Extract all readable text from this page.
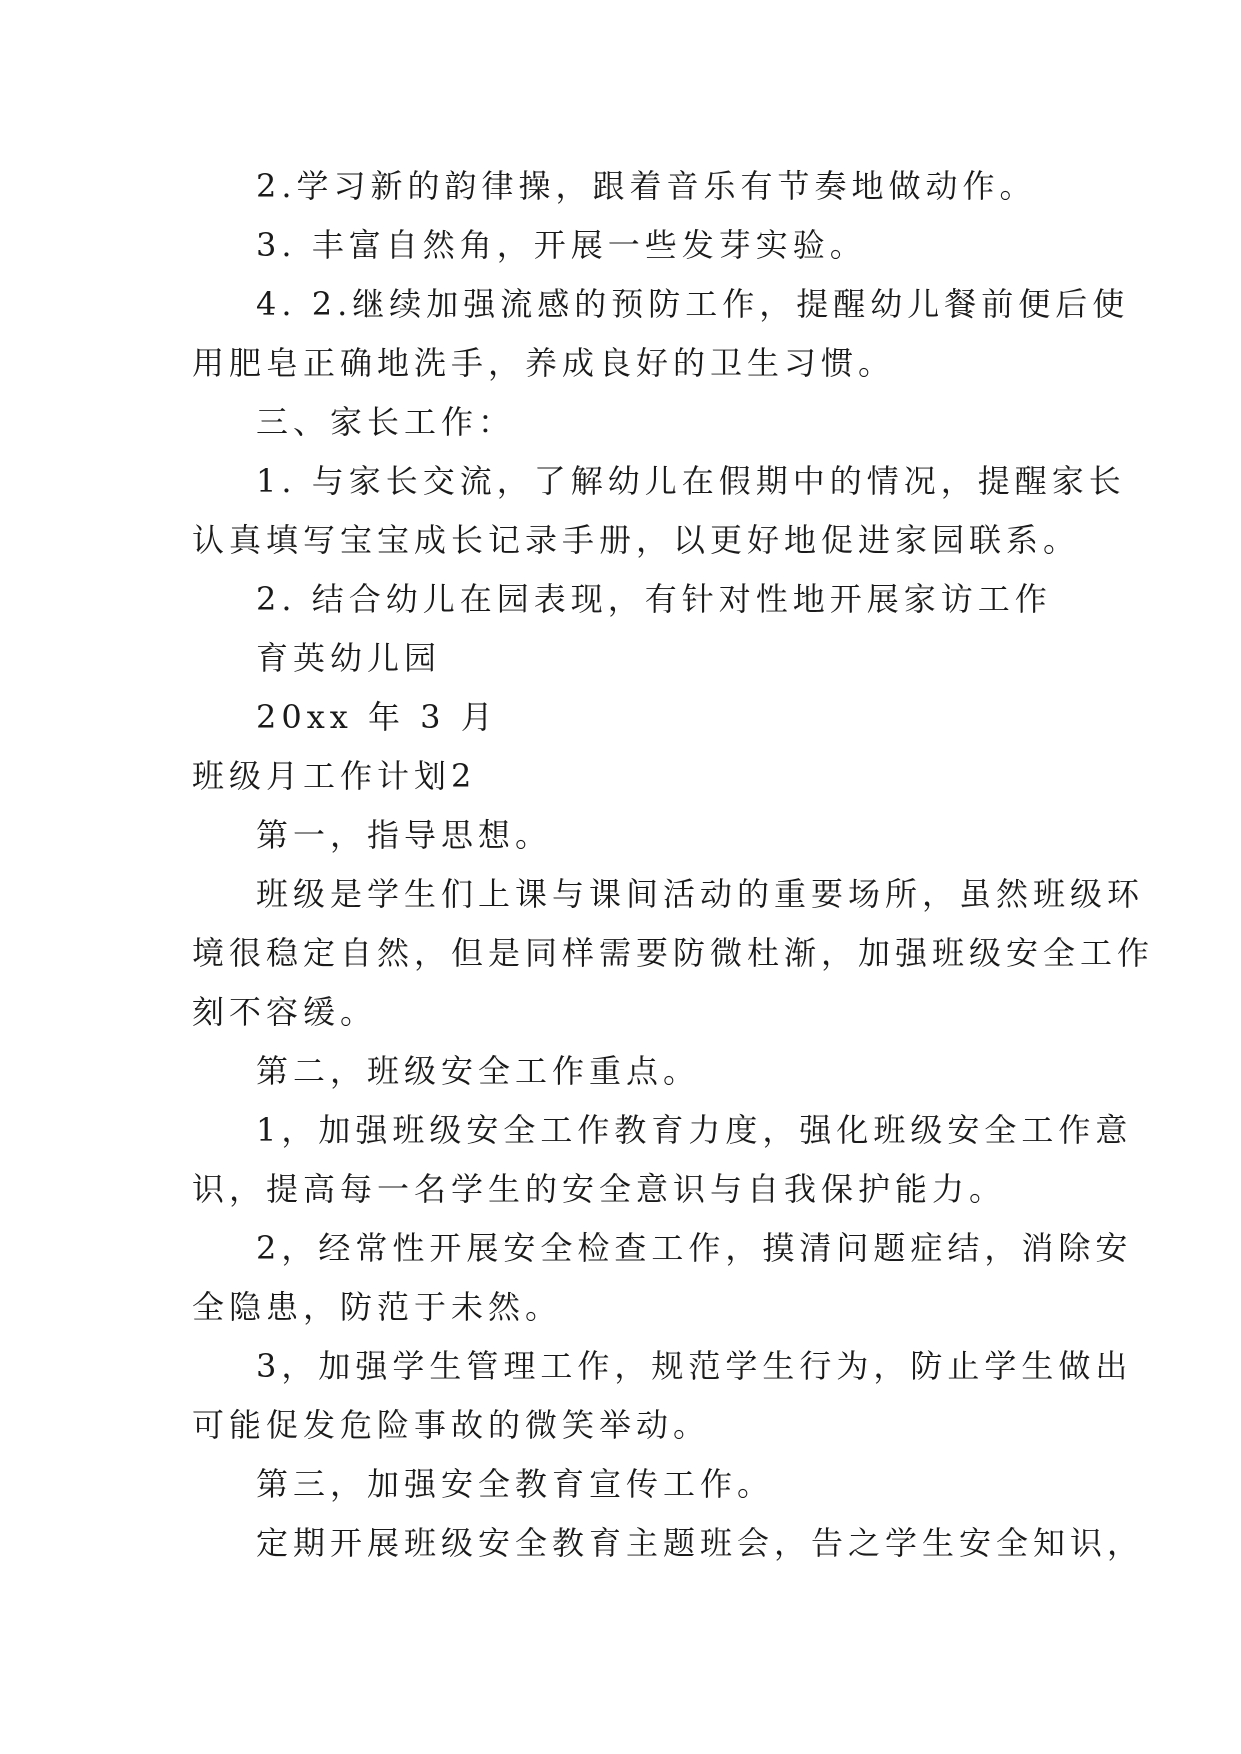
2.学习新的韵律操，跟着音乐有节奏地做动作。
3. 丰富自然角，开展一些发芽实验。
4. 2.继续加强流感的预防工作，提醒幼儿餐前便后使
用肥皂正确地洗手，养成良好的卫生习惯。
三、家长工作：
1. 与家长交流，了解幼儿在假期中的情况，提醒家长
认真填写宝宝成长记录手册，以更好地促进家园联系。
2. 结合幼儿在园表现，有针对性地开展家访工作
育英幼儿园
20xx 年 3 月
班级月工作计划2
第一，指导思想。
班级是学生们上课与课间活动的重要场所，虽然班级环
境很稳定自然，但是同样需要防微杜渐，加强班级安全工作
刻不容缓。
第二，班级安全工作重点。
1，加强班级安全工作教育力度，强化班级安全工作意
识，提高每一名学生的安全意识与自我保护能力。
2，经常性开展安全检查工作，摸清问题症结，消除安
全隐患，防范于未然。
3，加强学生管理工作，规范学生行为，防止学生做出
可能促发危险事故的微笑举动。
第三，加强安全教育宣传工作。
定期开展班级安全教育主题班会，告之学生安全知识，
